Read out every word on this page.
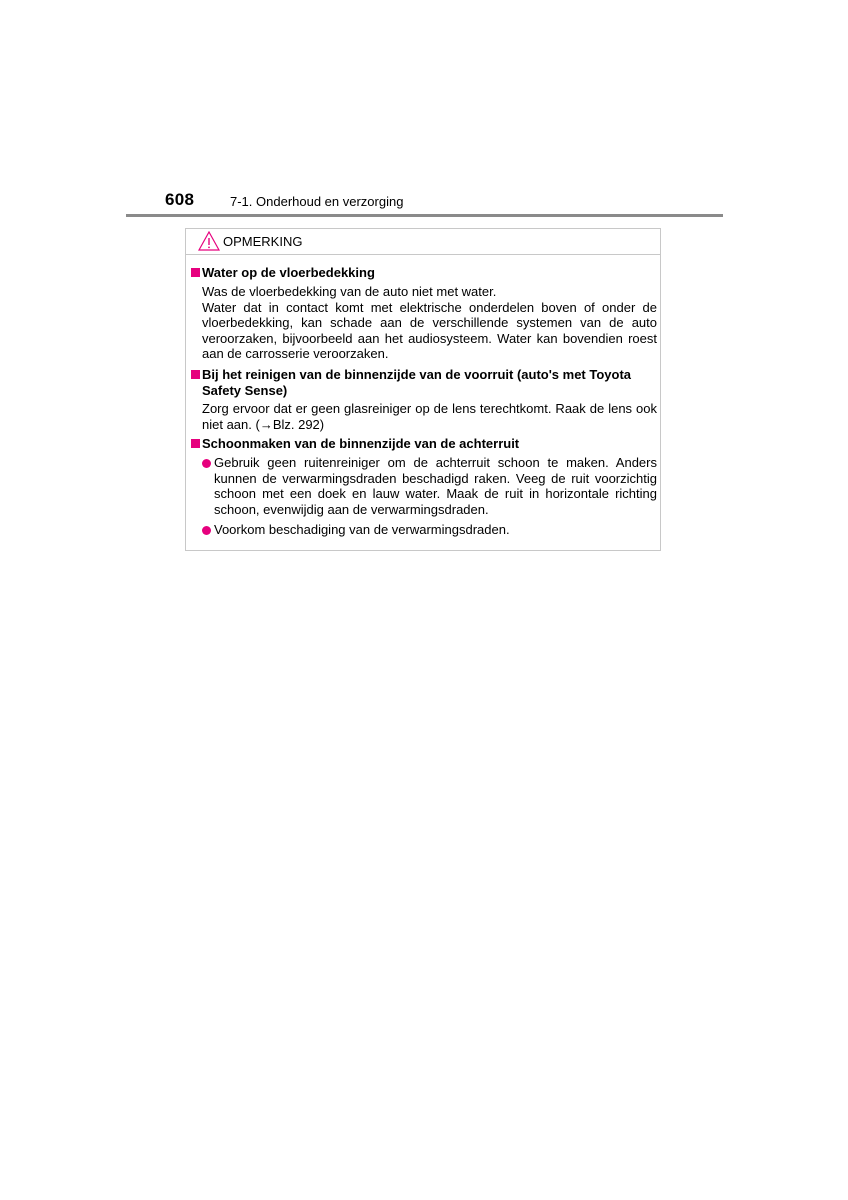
608	7-1. Onderhoud en verzorging
OPMERKING
Water op de vloerbedekking
Was de vloerbedekking van de auto niet met water.
Water dat in contact komt met elektrische onderdelen boven of onder de vloerbedekking, kan schade aan de verschillende systemen van de auto veroorzaken, bijvoorbeeld aan het audiosysteem. Water kan bovendien roest aan de carrosserie veroorzaken.
Bij het reinigen van de binnenzijde van de voorruit (auto's met Toyota Safety Sense)
Zorg ervoor dat er geen glasreiniger op de lens terechtkomt. Raak de lens ook niet aan. (→Blz. 292)
Schoonmaken van de binnenzijde van de achterruit
Gebruik geen ruitenreiniger om de achterruit schoon te maken. Anders kunnen de verwarmingsdraden beschadigd raken. Veeg de ruit voorzichtig schoon met een doek en lauw water. Maak de ruit in horizontale richting schoon, evenwijdig aan de verwarmingsdraden.
Voorkom beschadiging van de verwarmingsdraden.
